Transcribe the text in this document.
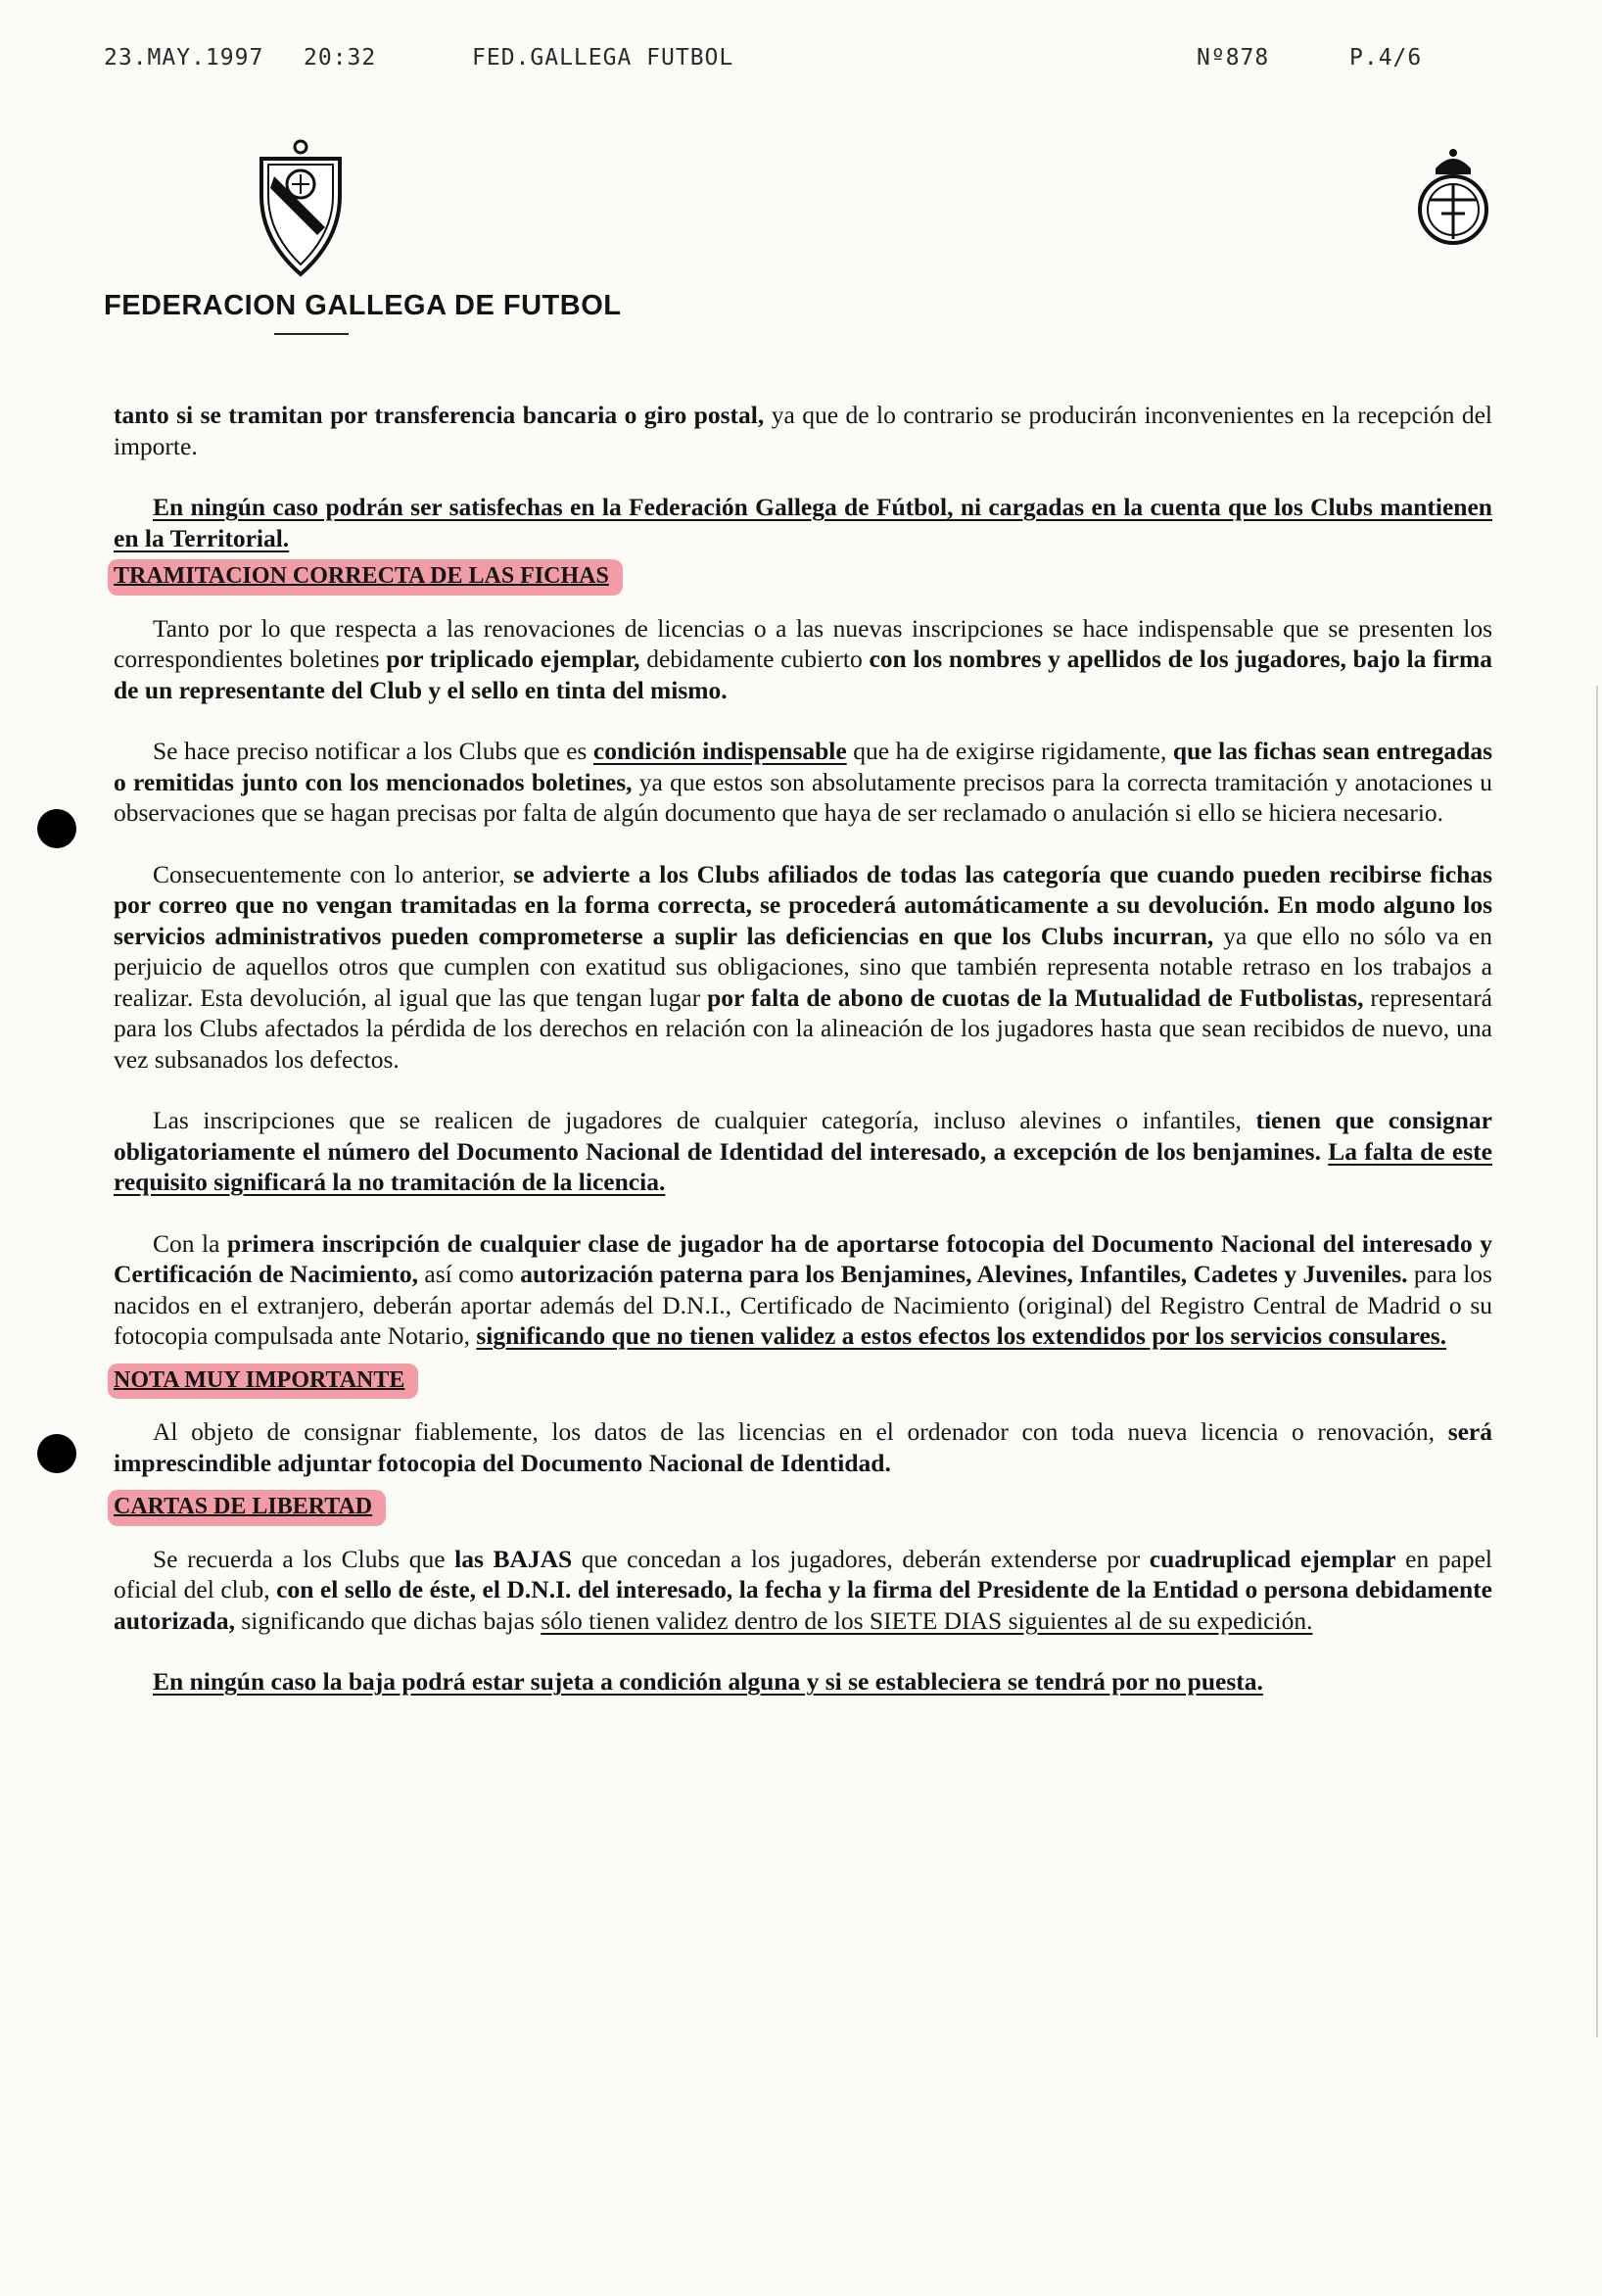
23.MAY.1997 20:32	FED.GALLEGA FUTBOL	Nº878	P.4/6
FEDERACION GALLEGA DE FUTBOL

tanto si se tramitan por transferencia bancaria o giro postal, ya que de lo contrario se producirán inconvenientes en la recepción del importe.

En ningún caso podrán ser satisfechas en la Federación Gallega de Fútbol, ni cargadas en la cuenta que los Clubs mantienen en la Territorial.

TRAMITACION CORRECTA DE LAS FICHAS

Tanto por lo que respecta a las renovaciones de licencias o a las nuevas inscripciones se hace indispensable que se presenten los correspondientes boletines por triplicado ejemplar, debidamente cubierto con los nombres y apellidos de los jugadores, bajo la firma de un representante del Club y el sello en tinta del mismo.

Se hace preciso notificar a los Clubs que es condición indispensable que ha de exigirse rigidamente, que las fichas sean entregadas o remitidas junto con los mencionados boletines, ya que estos son absolutamente precisos para la correcta tramitación y anotaciones u observaciones que se hagan precisas por falta de algún documento que haya de ser reclamado o anulación si ello se hiciera necesario.

Consecuentemente con lo anterior, se advierte a los Clubs afiliados de todas las categoría que cuando pueden recibirse fichas por correo que no vengan tramitadas en la forma correcta, se procederá automáticamente a su devolución. En modo alguno los servicios administrativos pueden comprometerse a suplir las deficiencias en que los Clubs incurran, ya que ello no sólo va en perjuicio de aquellos otros que cumplen con exatitud sus obligaciones, sino que también representa notable retraso en los trabajos a realizar. Esta devolución, al igual que las que tengan lugar por falta de abono de cuotas de la Mutualidad de Futbolistas, representará para los Clubs afectados la pérdida de los derechos en relación con la alineación de los jugadores hasta que sean recibidos de nuevo, una vez subsanados los defectos.

Las inscripciones que se realicen de jugadores de cualquier categoría, incluso alevines o infantiles, tienen que consignar obligatoriamente el número del Documento Nacional de Identidad del interesado, a excepción de los benjamines. La falta de este requisito significará la no tramitación de la licencia.

Con la primera inscripción de cualquier clase de jugador ha de aportarse fotocopia del Documento Nacional del interesado y Certificación de Nacimiento, así como autorización paterna para los Benjamines, Alevines, Infantiles, Cadetes y Juveniles. para los nacidos en el extranjero, deberán aportar además del D.N.I., Certificado de Nacimiento (original) del Registro Central de Madrid o su fotocopia compulsada ante Notario, significando que no tienen validez a estos efectos los extendidos por los servicios consulares.

NOTA MUY IMPORTANTE

Al objeto de consignar fiablemente, los datos de las licencias en el ordenador con toda nueva licencia o renovación, será imprescindible adjuntar fotocopia del Documento Nacional de Identidad.

CARTAS DE LIBERTAD

Se recuerda a los Clubs que las BAJAS que concedan a los jugadores, deberán extenderse por cuadruplicad ejemplar en papel oficial del club, con el sello de éste, el D.N.I. del interesado, la fecha y la firma del Presidente de la Entidad o persona debidamente autorizada, significando que dichas bajas sólo tienen validez dentro de los SIETE DIAS siguientes al de su expedición.

En ningún caso la baja podrá estar sujeta a condición alguna y si se estableciera se tendrá por no puesta.
